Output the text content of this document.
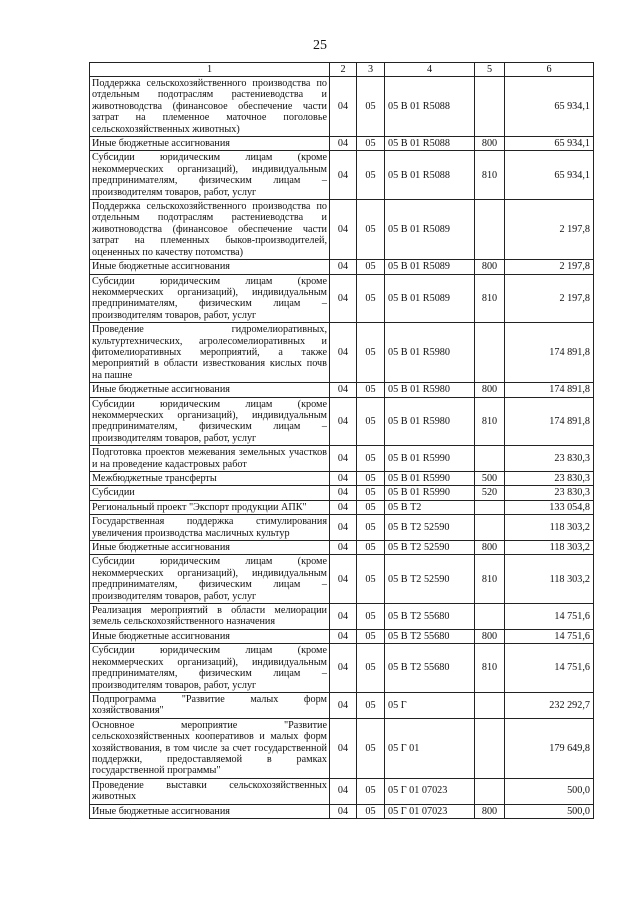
25
1	2	3	4	5	6
Поддержка сельскохозяйственного производства по отдельным подотраслям растениеводства и животноводства (финансовое обеспечение части затрат на племенное маточное поголовье сельскохозяйственных животных)	04	05	05 В 01 R5088		65 934,1
Иные бюджетные ассигнования	04	05	05 В 01 R5088	800	65 934,1
Субсидии юридическим лицам (кроме некоммерческих организаций), индивидуальным предпринимателям, физическим лицам – производителям товаров, работ, услуг	04	05	05 В 01 R5088	810	65 934,1
Поддержка сельскохозяйственного производства по отдельным подотраслям растениеводства и животноводства (финансовое обеспечение части затрат на племенных быков-производителей, оцененных по качеству потомства)	04	05	05 В 01 R5089		2 197,8
Иные бюджетные ассигнования	04	05	05 В 01 R5089	800	2 197,8
Субсидии юридическим лицам (кроме некоммерческих организаций), индивидуальным предпринимателям, физическим лицам – производителям товаров, работ, услуг	04	05	05 В 01 R5089	810	2 197,8
Проведение гидромелиоративных, культуртехнических, агролесомелиоративных и фитомелиоративных мероприятий, а также мероприятий в области известкования кислых почв на пашне	04	05	05 В 01 R5980		174 891,8
Иные бюджетные ассигнования	04	05	05 В 01 R5980	800	174 891,8
Субсидии юридическим лицам (кроме некоммерческих организаций), индивидуальным предпринимателям, физическим лицам – производителям товаров, работ, услуг	04	05	05 В 01 R5980	810	174 891,8
Подготовка проектов межевания земельных участков и на проведение кадастровых работ	04	05	05 В 01 R5990		23 830,3
Межбюджетные трансферты	04	05	05 В 01 R5990	500	23 830,3
Субсидии	04	05	05 В 01 R5990	520	23 830,3
Региональный проект "Экспорт продукции АПК"	04	05	05 В Т2		133 054,8
Государственная поддержка стимулирования увеличения производства масличных культур	04	05	05 В Т2 52590		118 303,2
Иные бюджетные ассигнования	04	05	05 В Т2 52590	800	118 303,2
Субсидии юридическим лицам (кроме некоммерческих организаций), индивидуальным предпринимателям, физическим лицам – производителям товаров, работ, услуг	04	05	05 В Т2 52590	810	118 303,2
Реализация мероприятий в области мелиорации земель сельскохозяйственного назначения	04	05	05 В Т2 55680		14 751,6
Иные бюджетные ассигнования	04	05	05 В Т2 55680	800	14 751,6
Субсидии юридическим лицам (кроме некоммерческих организаций), индивидуальным предпринимателям, физическим лицам – производителям товаров, работ, услуг	04	05	05 В Т2 55680	810	14 751,6
Подпрограмма "Развитие малых форм хозяйствования"	04	05	05 Г		232 292,7
Основное мероприятие "Развитие сельскохозяйственных кооперативов и малых форм хозяйствования, в том числе за счет государственной поддержки, предоставляемой в рамках государственной программы"	04	05	05 Г 01		179 649,8
Проведение выставки сельскохозяйственных животных	04	05	05 Г 01 07023		500,0
Иные бюджетные ассигнования	04	05	05 Г 01 07023	800	500,0
